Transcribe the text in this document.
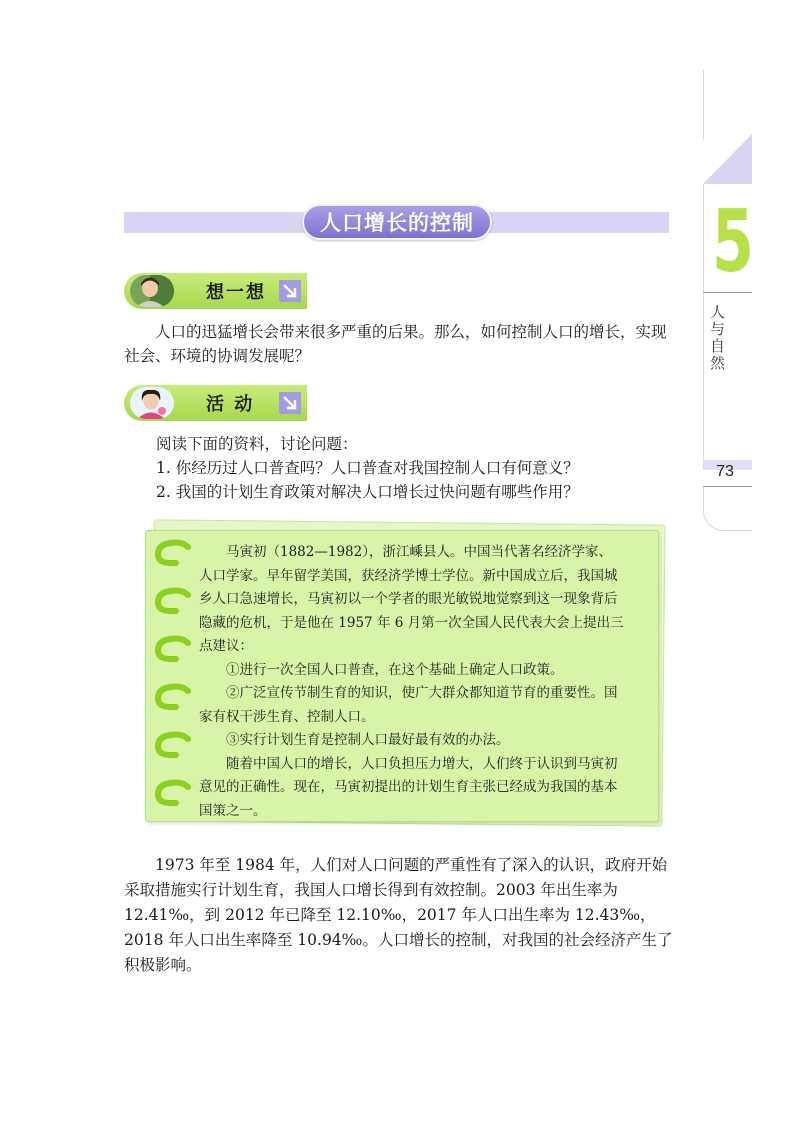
5
人与自然
73
人口增长的控制
想一想
人口的迅猛增长会带来很多严重的后果。那么，如何控制人口的增长，实现社会、环境的协调发展呢？
活 动
阅读下面的资料，讨论问题：
1. 你经历过人口普查吗？人口普查对我国控制人口有何意义？
2. 我国的计划生育政策对解决人口增长过快问题有哪些作用？

马寅初（1882—1982），浙江嵊县人。中国当代著名经济学家、人口学家。早年留学美国，获经济学博士学位。新中国成立后，我国城乡人口急速增长，马寅初以一个学者的眼光敏锐地觉察到这一现象背后隐藏的危机，于是他在 1957 年 6 月第一次全国人民代表大会上提出三点建议：

①进行一次全国人口普查，在这个基础上确定人口政策。

②广泛宣传节制生育的知识，使广大群众都知道节育的重要性。国家有权干涉生育、控制人口。

③实行计划生育是控制人口最好最有效的办法。

随着中国人口的增长，人口负担压力增大，人们终于认识到马寅初意见的正确性。现在，马寅初提出的计划生育主张已经成为我国的基本国策之一。

1973 年至 1984 年，人们对人口问题的严重性有了深入的认识，政府开始采取措施实行计划生育，我国人口增长得到有效控制。2003 年出生率为 12.41‰，到 2012 年已降至 12.10‰，2017 年人口出生率为 12.43‰，2018 年人口出生率降至 10.94‰。人口增长的控制，对我国的社会经济产生了积极影响。
